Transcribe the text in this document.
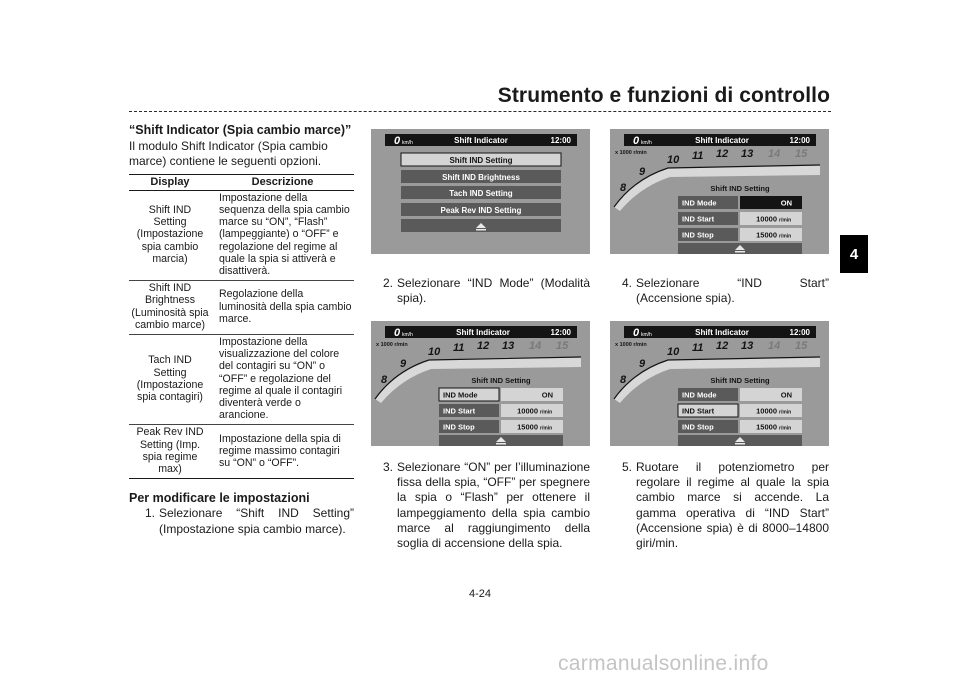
Strumento e funzioni di controllo
4
“Shift Indicator (Spia cambio marce)”
Il modulo Shift Indicator (Spia cambio marce) contiene le seguenti opzioni.
Display	Descrizione
Shift IND Setting (Impostazione spia cambio marcia)	Impostazione della sequenza della spia cambio marce su “ON”, “Flash” (lampeggiante) o “OFF” e regolazione del regime al quale la spia si attiverà e disattiverà.
Shift IND Brightness (Luminosità spia cambio marce)	Regolazione della luminosità della spia cambio marce.
Tach IND Setting (Impostazione spia contagiri)	Impostazione della visualizzazione del colore del contagiri su “ON” o “OFF” e regolazione del regime al quale il contagiri diventerà verde o arancione.
Peak Rev IND Setting (Imp. spia regime max)	Impostazione della spia di regime massimo contagiri su “ON” o “OFF”.
Per modificare le impostazioni
1. Selezionare “Shift IND Setting” (Impostazione spia cambio marce).
0 km/h	Shift Indicator	12:00
Shift IND Setting
Shift IND Brightness
Tach IND Setting
Peak Rev IND Setting
0 km/h	Shift Indicator	12:00
x 1000 r/min
8
9
10 11 12 13 14 15
Shift IND Setting
IND Mode	ON
IND Start	10000 r/min
IND Stop	15000 r/min
0 km/h	Shift Indicator	12:00
x 1000 r/min
8
9
10 11 12 13 14 15
Shift IND Setting
IND Mode	ON
IND Start	10000 r/min
IND Stop	15000 r/min
0 km/h	Shift Indicator	12:00
x 1000 r/min
8
9
10 11 12 13 14 15
Shift IND Setting
IND Mode	ON
IND Start	10000 r/min
IND Stop	15000 r/min
2. Selezionare “IND Mode” (Modalità spia).
4. Selezionare “IND Start” (Accensione spia).
3. Selezionare “ON” per l’illuminazione fissa della spia, “OFF” per spegnere la spia o “Flash” per ottenere il lampeggiamento della spia cambio marce al raggiungimento della soglia di accensione della spia.
5. Ruotare il potenziometro per regolare il regime al quale la spia cambio marce si accende. La gamma operativa di “IND Start” (Accensione spia) è di 8000–14800 giri/min.
4-24
carmanualsonline.info
